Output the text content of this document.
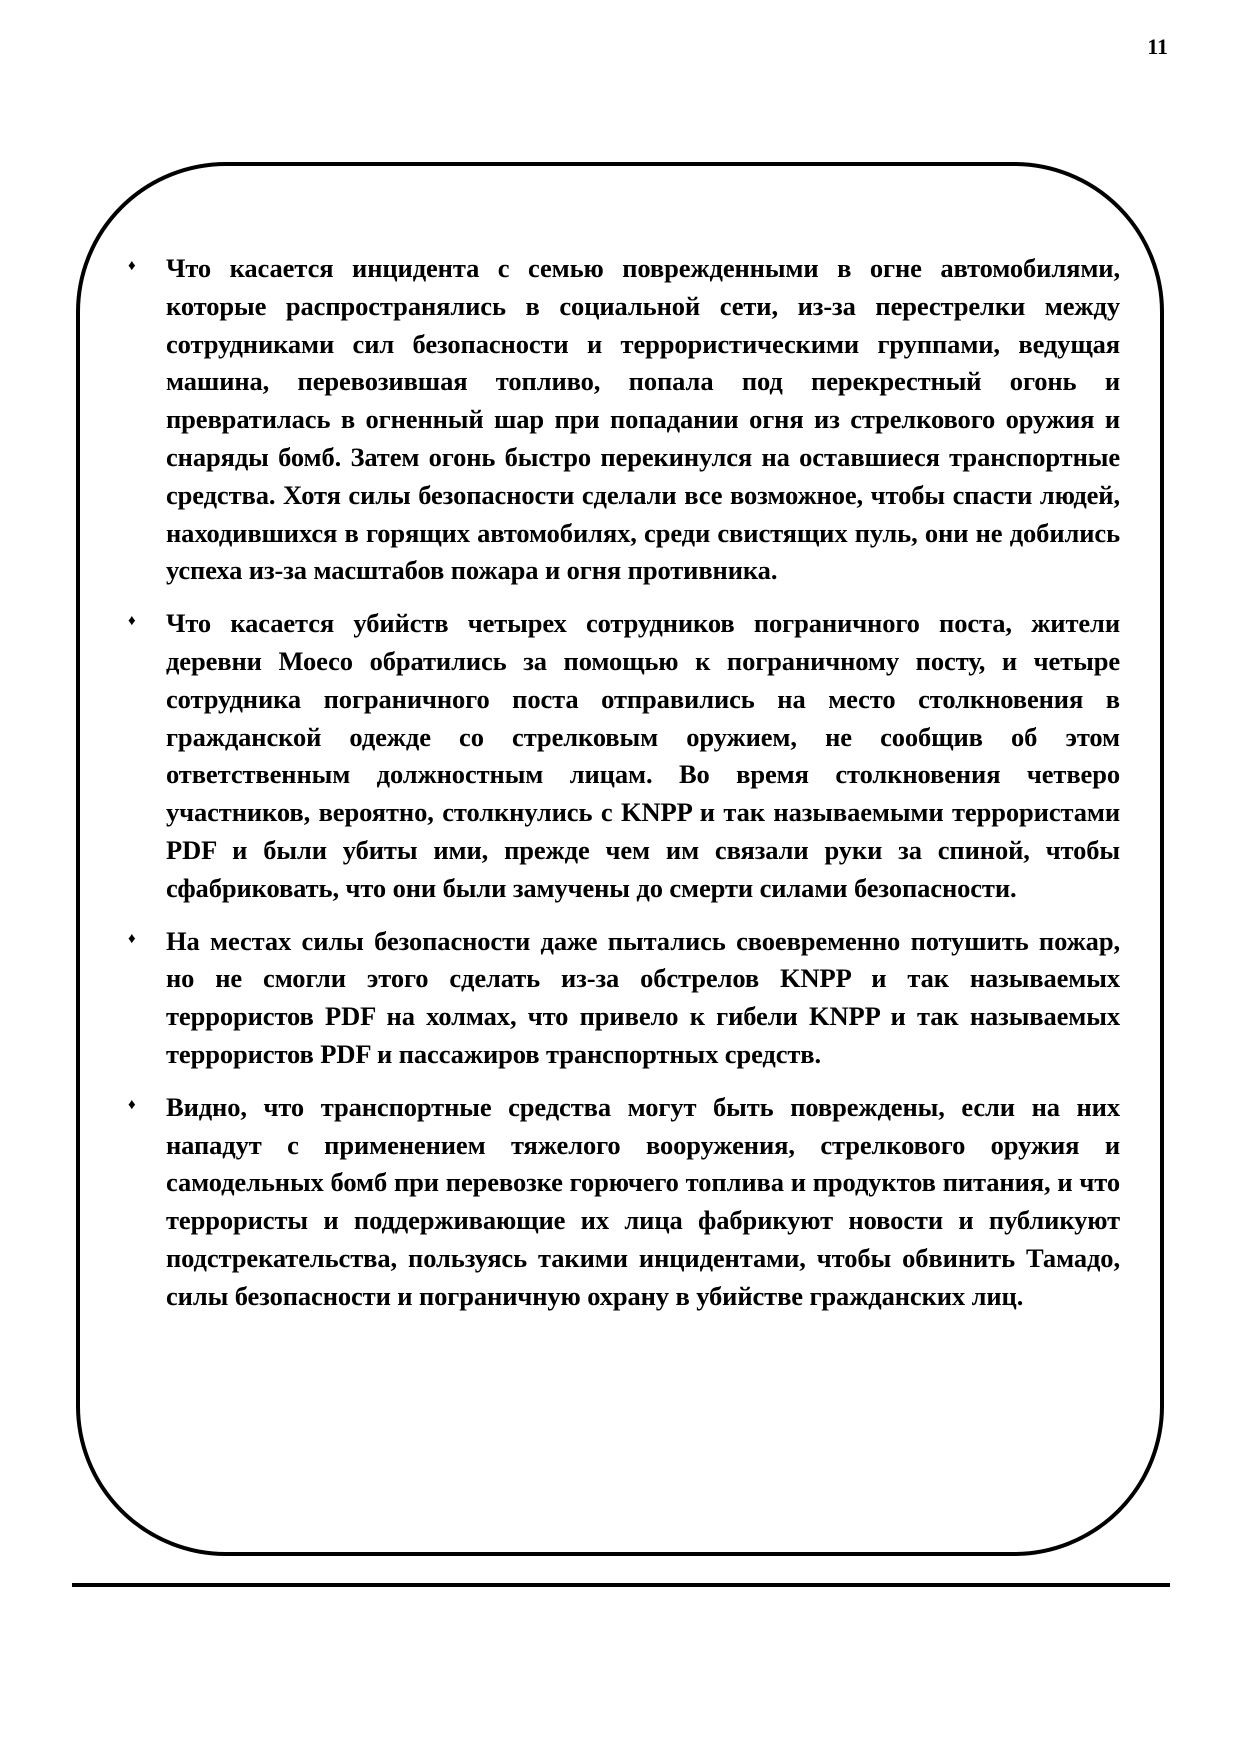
11
♦ Что касается инцидента с семью поврежденными в огне автомобилями, которые распространялись в социальной сети, из-за перестрелки между сотрудниками сил безопасности и террористическими группами, ведущая машина, перевозившая топливо, попала под перекрестный огонь и превратилась в огненный шар при попадании огня из стрелкового оружия и снаряды бомб. Затем огонь быстро перекинулся на оставшиеся транспортные средства. Хотя силы безопасности сделали все возможное, чтобы спасти людей, находившихся в горящих автомобилях, среди свистящих пуль, они не добились успеха из-за масштабов пожара и огня противника.
♦ Что касается убийств четырех сотрудников пограничного поста, жители деревни Моесо обратились за помощью к пограничному посту, и четыре сотрудника пограничного поста отправились на место столкновения в гражданской одежде со стрелковым оружием, не сообщив об этом ответственным должностным лицам. Во время столкновения четверо участников, вероятно, столкнулись с KNPP и так называемыми террористами PDF и были убиты ими, прежде чем им связали руки за спиной, чтобы сфабриковать, что они были замучены до смерти силами безопасности.
♦ На местах силы безопасности даже пытались своевременно потушить пожар, но не смогли этого сделать из-за обстрелов KNPP и так называемых террористов PDF на холмах, что привело к гибели KNPP и так называемых террористов PDF и пассажиров транспортных средств.
♦ Видно, что транспортные средства могут быть повреждены, если на них нападут с применением тяжелого вооружения, стрелкового оружия и самодельных бомб при перевозке горючего топлива и продуктов питания, и что террористы и поддерживающие их лица фабрикуют новости и публикуют подстрекательства, пользуясь такими инцидентами, чтобы обвинить Тамадо, силы безопасности и пограничную охрану в убийстве гражданских лиц.
